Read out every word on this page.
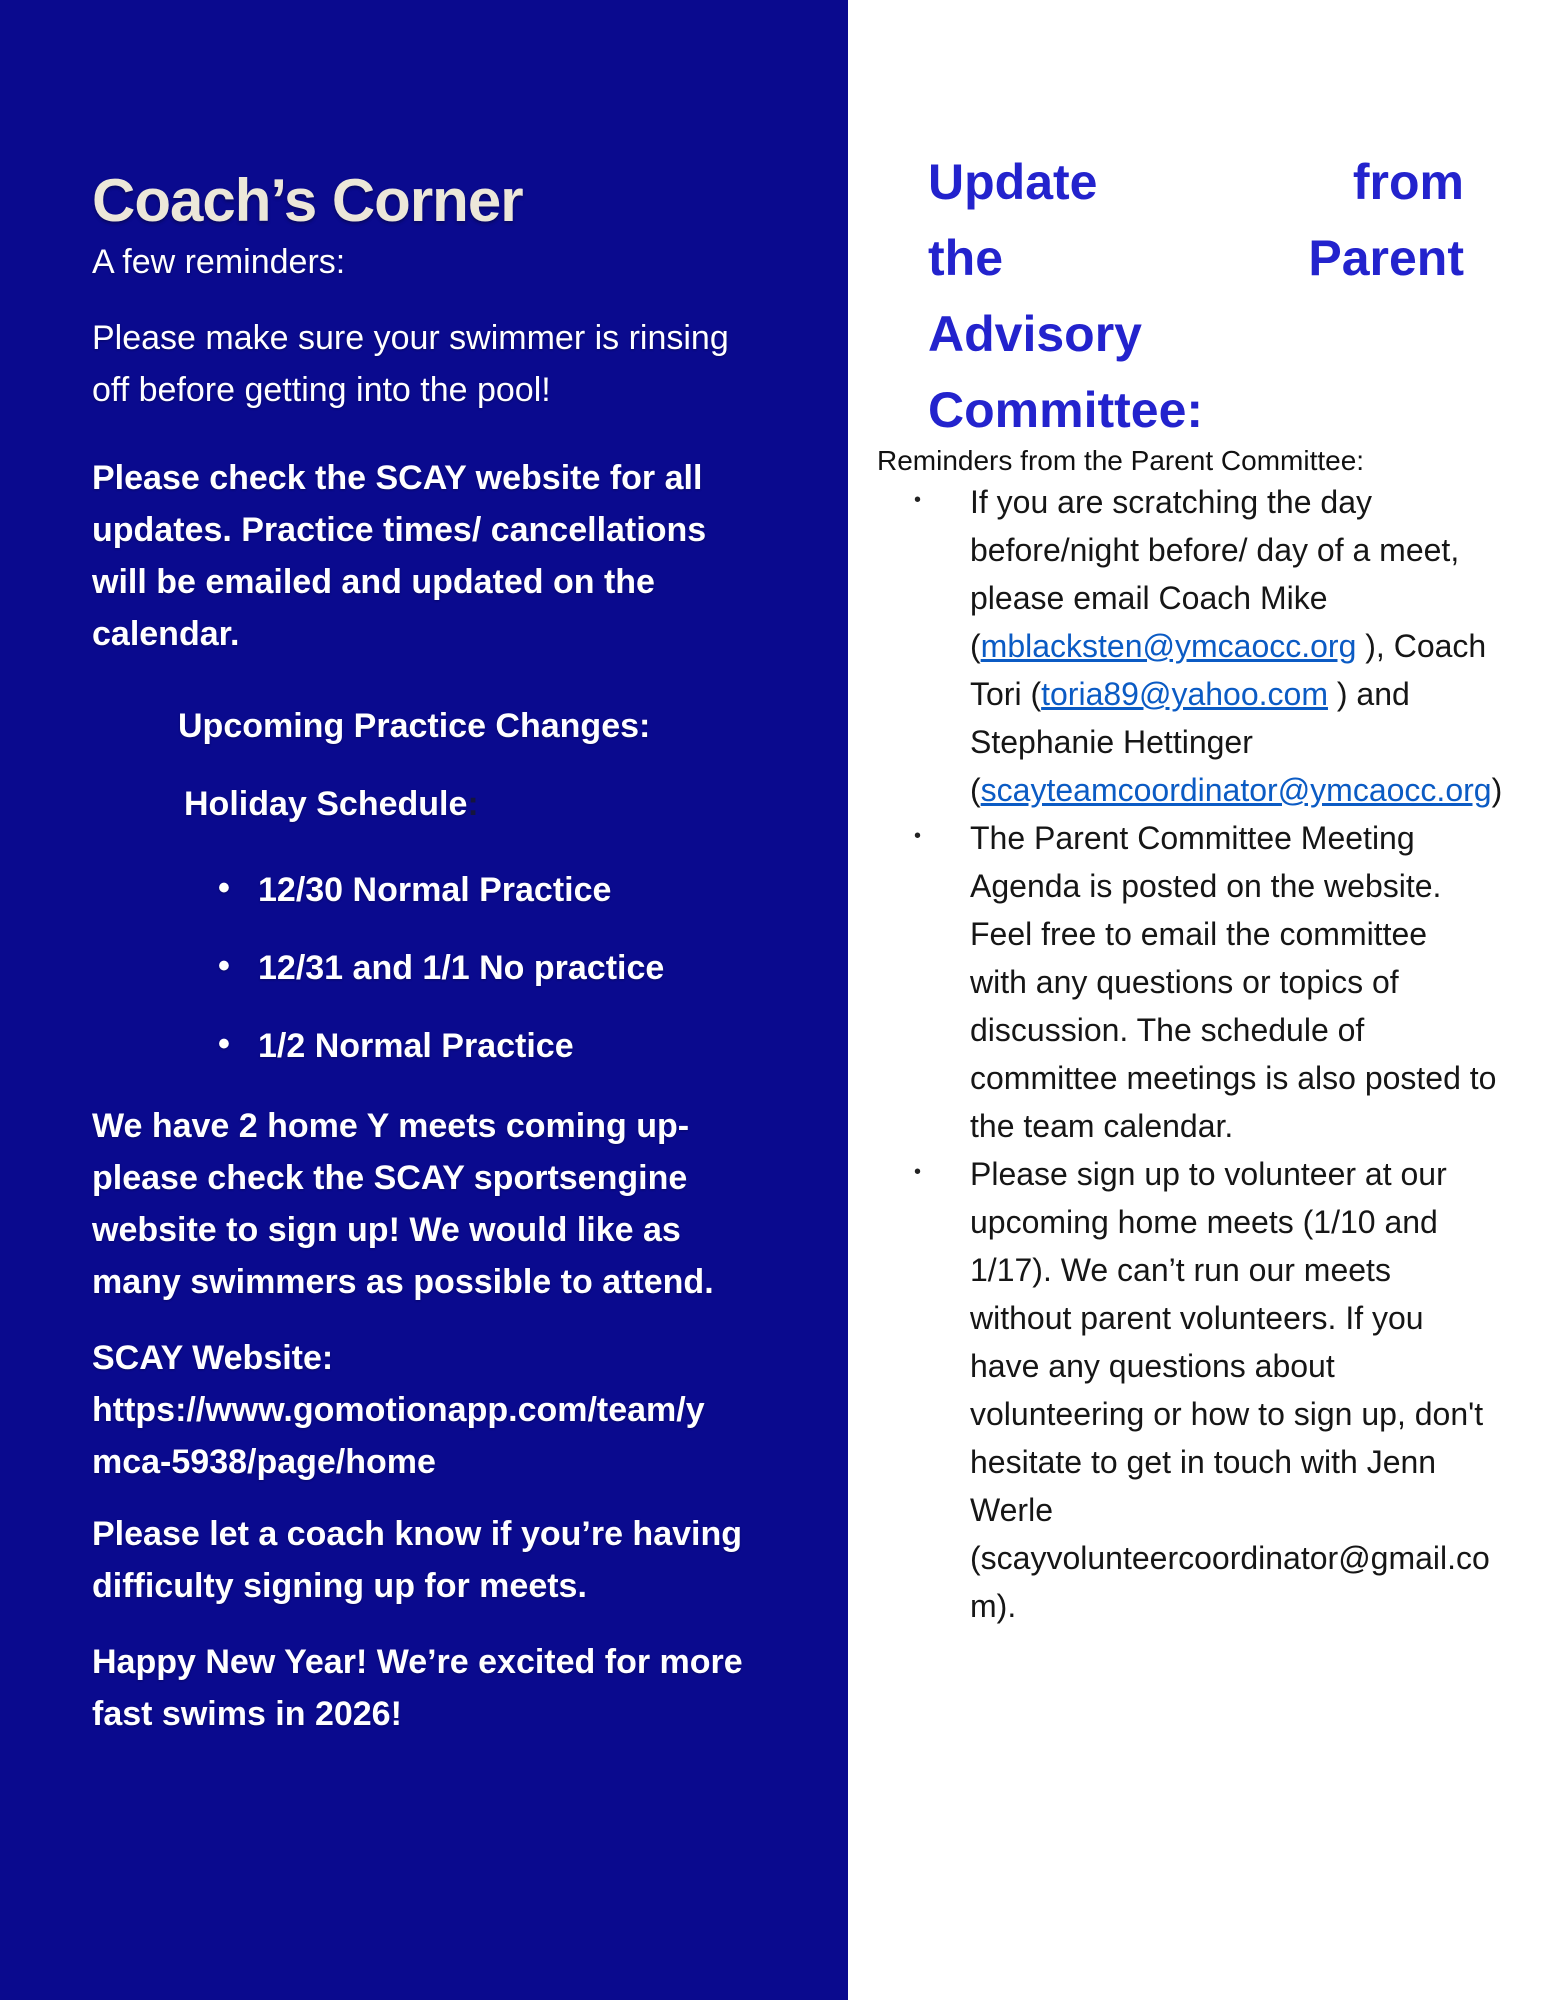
Coach’s Corner
A few reminders:
Please make sure your swimmer is rinsing
off before getting into the pool!
Please check the SCAY website for all
updates. Practice times/ cancellations
will be emailed and updated on the
calendar.
Upcoming Practice Changes:
Holiday Schedule:
• 12/30 Normal Practice
• 12/31 and 1/1 No practice
• 1/2 Normal Practice
We have 2 home Y meets coming up-
please check the SCAY sportsengine
website to sign up! We would like as
many swimmers as possible to attend.
SCAY Website:
https://www.gomotionapp.com/team/y
mca-5938/page/home
Please let a coach know if you’re having
difficulty signing up for meets.
Happy New Year! We’re excited for more
fast swims in 2026!
Update	from
the	Parent
Advisory
Committee:
Reminders from the Parent Committee:
• If you are scratching the day
before/night before/ day of a meet,
please email Coach Mike
(mblacksten@ymcaocc.org ), Coach
Tori (toria89@yahoo.com ) and
Stephanie Hettinger
(scayteamcoordinator@ymcaocc.org)
• The Parent Committee Meeting
Agenda is posted on the website.
Feel free to email the committee
with any questions or topics of
discussion. The schedule of
committee meetings is also posted to
the team calendar.
• Please sign up to volunteer at our
upcoming home meets (1/10 and
1/17). We can’t run our meets
without parent volunteers. If you
have any questions about
volunteering or how to sign up, don't
hesitate to get in touch with Jenn
Werle
(scayvolunteercoordinator@gmail.co
m).
